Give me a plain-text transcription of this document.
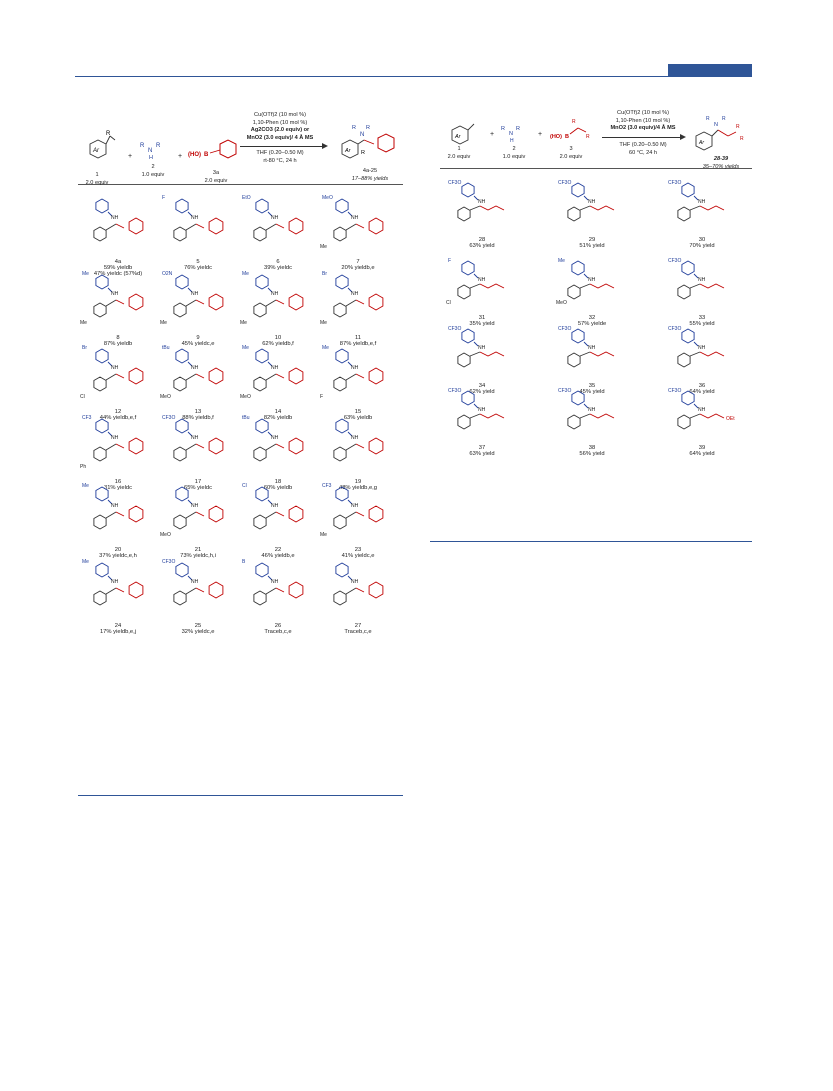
Ar
R
1
2.0 equiv
+
R
N
R
H
2
1.0 equiv
+ (HO) B
3a
2.0 equiv
Cu(OTf)2 (10 mol %)
1,10-Phen (10 mol %)
Ag2CO3 (2.0 equiv) or
MnO2 (3.0 equiv)/ 4 Å MS
THF (0.20–0.50 M)
rt-80 °C, 24 h
Ar
N
R R
R
4a-25
17–88% yields
Ar
1
2.0 equiv
+
R
N
R
H
2
1.0 equiv
+	(HO) B
R
R
3
2.0 equiv
Cu(OTf)2 (10 mol %)
1,10-Phen (10 mol %)
MnO2 (3.0 equiv)/4 Å MS
THF (0.20–0.50 M)
60 °C, 24 h
Ar
N
R R
R
R
28-39
35–70% yields
NH
4a
59% yieldb
47% yieldc (57%d)
NH
F
5
76% yieldc
NH
EtO
6
39% yieldc
NH
MeO
Me
7
20% yieldb,e
NH
Me
Me
8
87% yieldb
NH
O2N
Me
9
45% yieldc,e
NH
Me
Me
10
62% yieldb,f
NH
Br
Me
11
87% yieldb,e,f
NH
Br
Cl
12
44% yieldb,e,f
NH
tBu
MeO
13
88% yieldb,f
NH
Me
MeO
14
82% yieldb
NH
Me
F
15
63% yieldb
NH
CF3
Ph
16
31% yieldc
NH
CF3O
17
65% yieldc
NH
tBu
18
60% yieldb
NH
19
48% yieldb,e,g
NH
Me
20
37% yieldc,e,h
NH
MeO
21
73% yieldc,h,i
NH
Cl
22
46% yieldb,e
NH
CF3
Me
23
41% yieldc,e
NH
Me
24
17% yieldb,e,j
NH
CF3O
25
32% yieldc,e
NH
B
26
Traceb,c,e
NH
27
Traceb,c,e
NH
CF3O
28
63% yield
NH
CF3O
29
51% yield
NH
CF3O
30
70% yield
NH
F
Cl
31
35% yield
NH
Me
MeO
32
57% yielde
NH
CF3O
33
55% yield
NH
CF3O
34
62% yield
NH
CF3O
35
45% yield
NH
CF3O
36
64% yield
NH
CF3O
37
63% yield
NH
CF3O
38
56% yield
NH
CF3O
OEt
39
64% yield
